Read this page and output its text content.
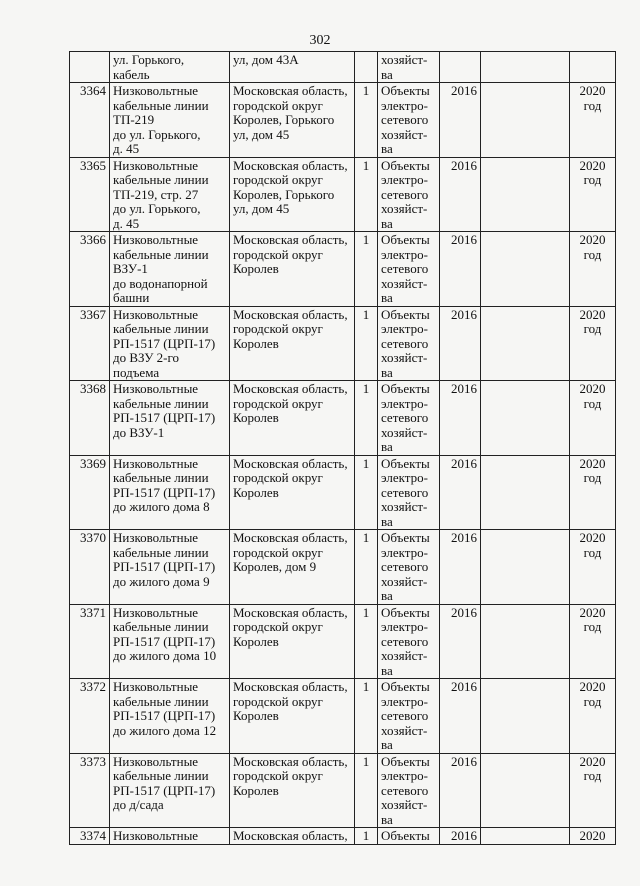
302
	ул. Горького,
кабель	ул, дом 43А		хозяйст-
ва			
3364	Низковольтные
кабельные линии
ТП-219
до ул. Горького,
д. 45	Московская область,
городской округ
Королев, Горького
ул, дом 45	1	Объекты
электро-
сетевого
хозяйст-
ва	2016		2020
год
3365	Низковольтные
кабельные линии
ТП-219, стр. 27
до ул. Горького,
д. 45	Московская область,
городской округ
Королев, Горького
ул, дом 45	1	Объекты
электро-
сетевого
хозяйст-
ва	2016		2020
год
3366	Низковольтные
кабельные линии
ВЗУ-1
до водонапорной
башни	Московская область,
городской округ
Королев	1	Объекты
электро-
сетевого
хозяйст-
ва	2016		2020
год
3367	Низковольтные
кабельные линии
РП-1517 (ЦРП-17)
до ВЗУ 2-го
подъема	Московская область,
городской округ
Королев	1	Объекты
электро-
сетевого
хозяйст-
ва	2016		2020
год
3368	Низковольтные
кабельные линии
РП-1517 (ЦРП-17)
до ВЗУ-1	Московская область,
городской округ
Королев	1	Объекты
электро-
сетевого
хозяйст-
ва	2016		2020
год
3369	Низковольтные
кабельные линии
РП-1517 (ЦРП-17)
до жилого дома 8	Московская область,
городской округ
Королев	1	Объекты
электро-
сетевого
хозяйст-
ва	2016		2020
год
3370	Низковольтные
кабельные линии
РП-1517 (ЦРП-17)
до жилого дома 9	Московская область,
городской округ
Королев, дом 9	1	Объекты
электро-
сетевого
хозяйст-
ва	2016		2020
год
3371	Низковольтные
кабельные линии
РП-1517 (ЦРП-17)
до жилого дома 10	Московская область,
городской округ
Королев	1	Объекты
электро-
сетевого
хозяйст-
ва	2016		2020
год
3372	Низковольтные
кабельные линии
РП-1517 (ЦРП-17)
до жилого дома 12	Московская область,
городской округ
Королев	1	Объекты
электро-
сетевого
хозяйст-
ва	2016		2020
год
3373	Низковольтные
кабельные линии
РП-1517 (ЦРП-17)
до д/сада	Московская область,
городской округ
Королев	1	Объекты
электро-
сетевого
хозяйст-
ва	2016		2020
год
3374	Низковольтные	Московская область,	1	Объекты	2016		2020
